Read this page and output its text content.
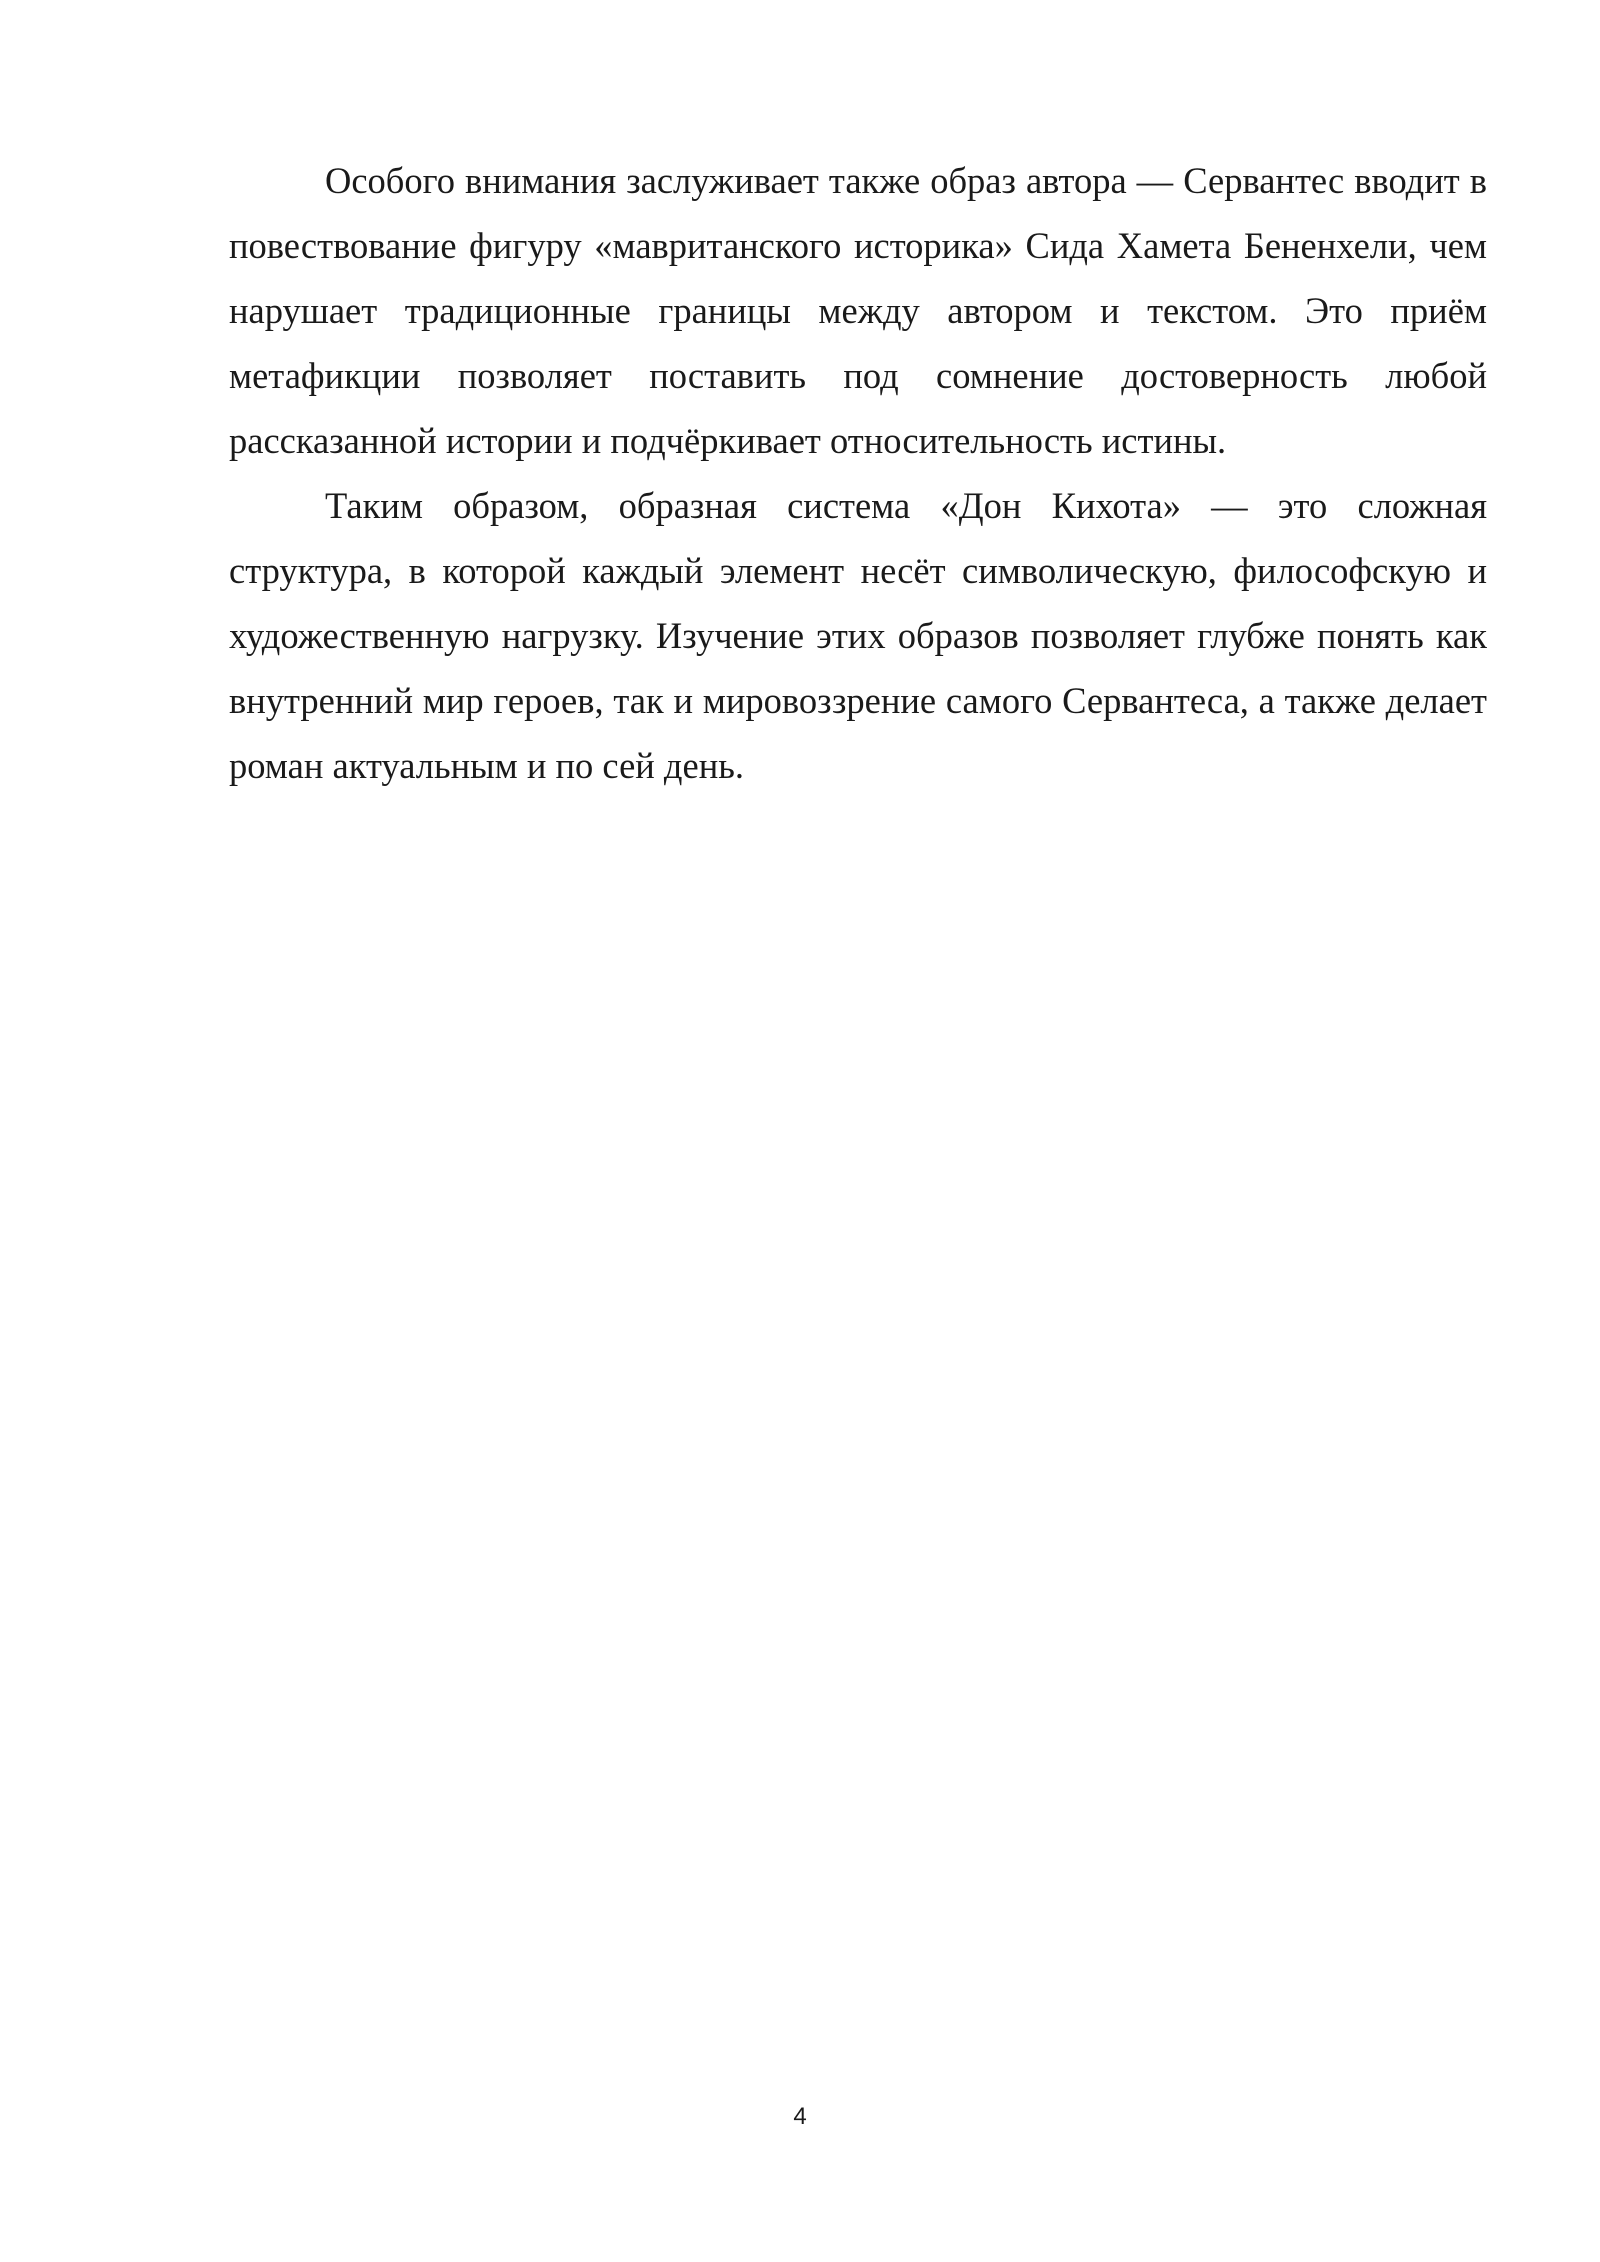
Особого внимания заслуживает также образ автора — Сервантес вводит в повествование фигуру «мавританского историка» Сида Хамета Бененхели, чем нарушает традиционные границы между автором и текстом. Это приём метафикции позволяет поставить под сомнение достоверность любой рассказанной истории и подчёркивает относительность истины.

Таким образом, образная система «Дон Кихота» — это сложная структура, в которой каждый элемент несёт символическую, философскую и художественную нагрузку. Изучение этих образов позволяет глубже понять как внутренний мир героев, так и мировоззрение самого Сервантеса, а также делает роман актуальным и по сей день.

4
